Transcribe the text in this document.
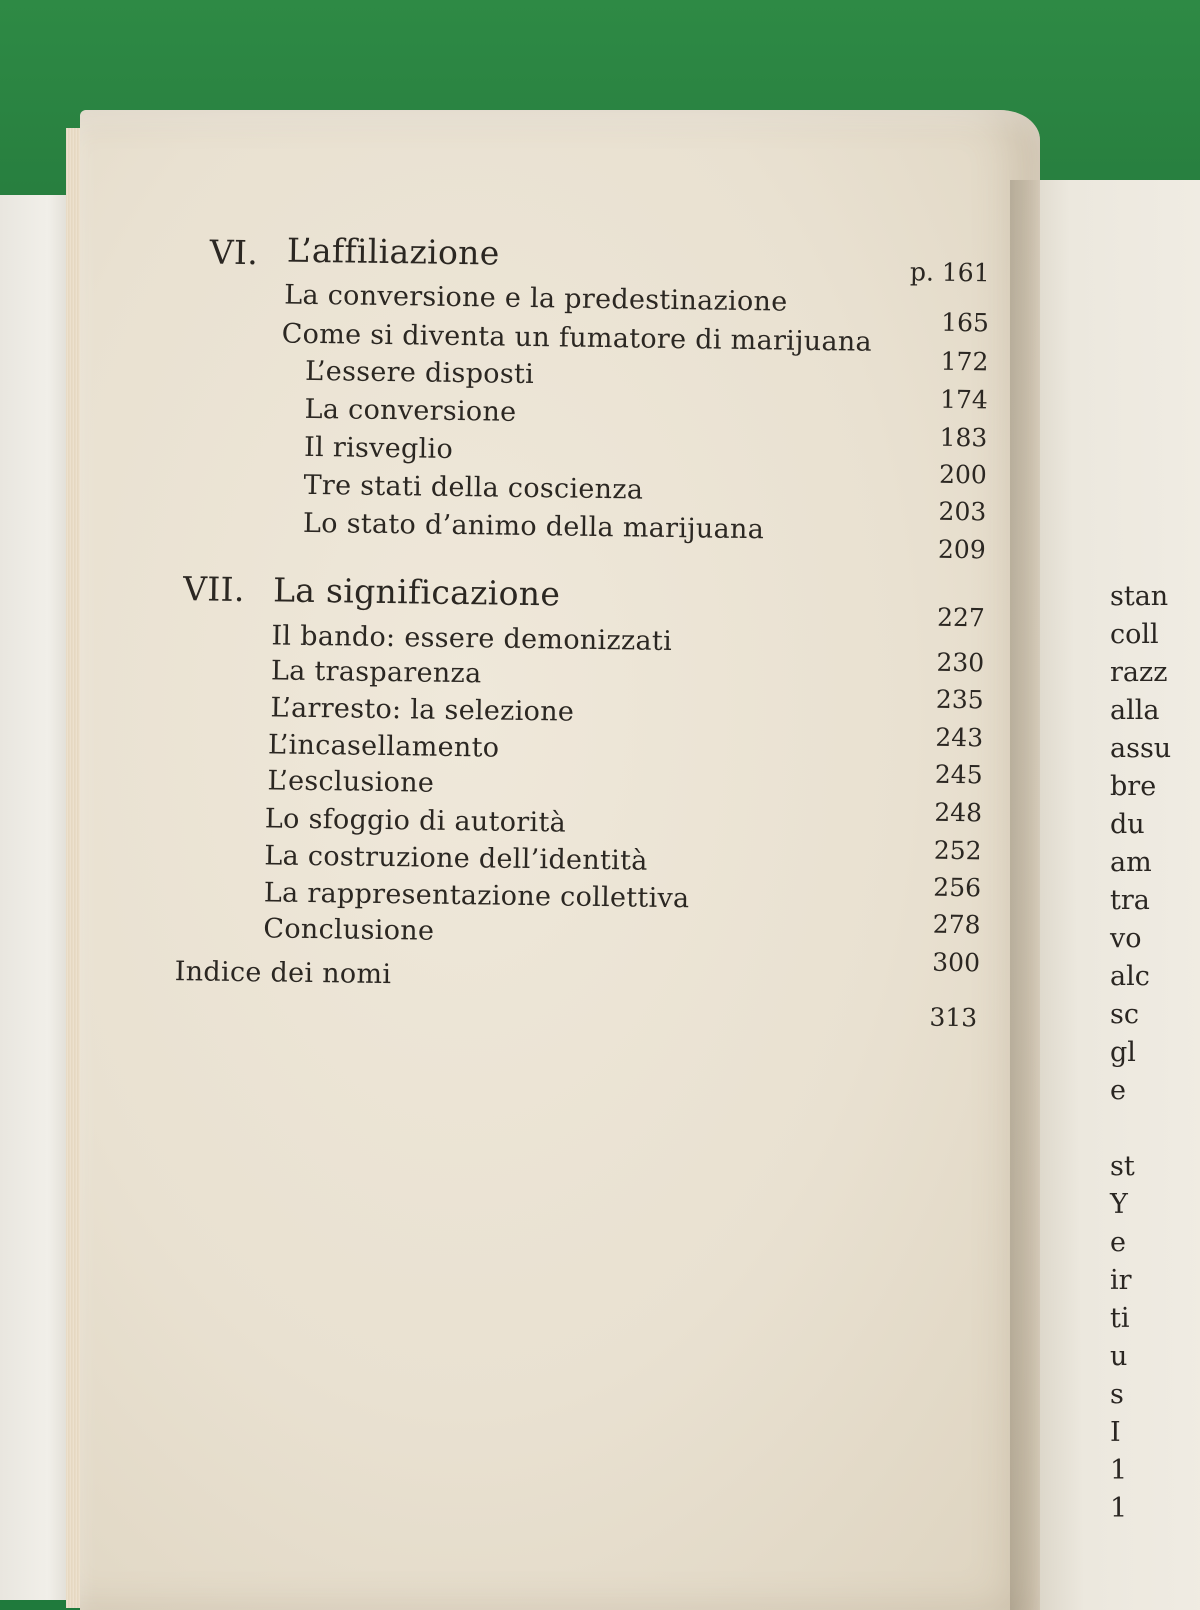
VI. L’affiliazione	p. 161
La conversione e la predestinazione
165
Come si diventa un fumatore di marijuana
172
L’essere disposti
174
La conversione
183
Il risveglio
200
Tre stati della coscienza
203
Lo stato d’animo della marijuana
209
VII. La significazione
227
Il bando: essere demonizzati
230
La trasparenza
235
L’arresto: la selezione
243
L’incasellamento
245
L’esclusione
248
Lo sfoggio di autorità
252
La costruzione dell’identità
256
La rappresentazione collettiva
278
Conclusione
300
Indice dei nomi
313
stan
coll
razz
alla
assu
bre
du
am
tra
vo
alc
sc
gl
e
st
Y
e
ir
ti
u
s
I
1
1
